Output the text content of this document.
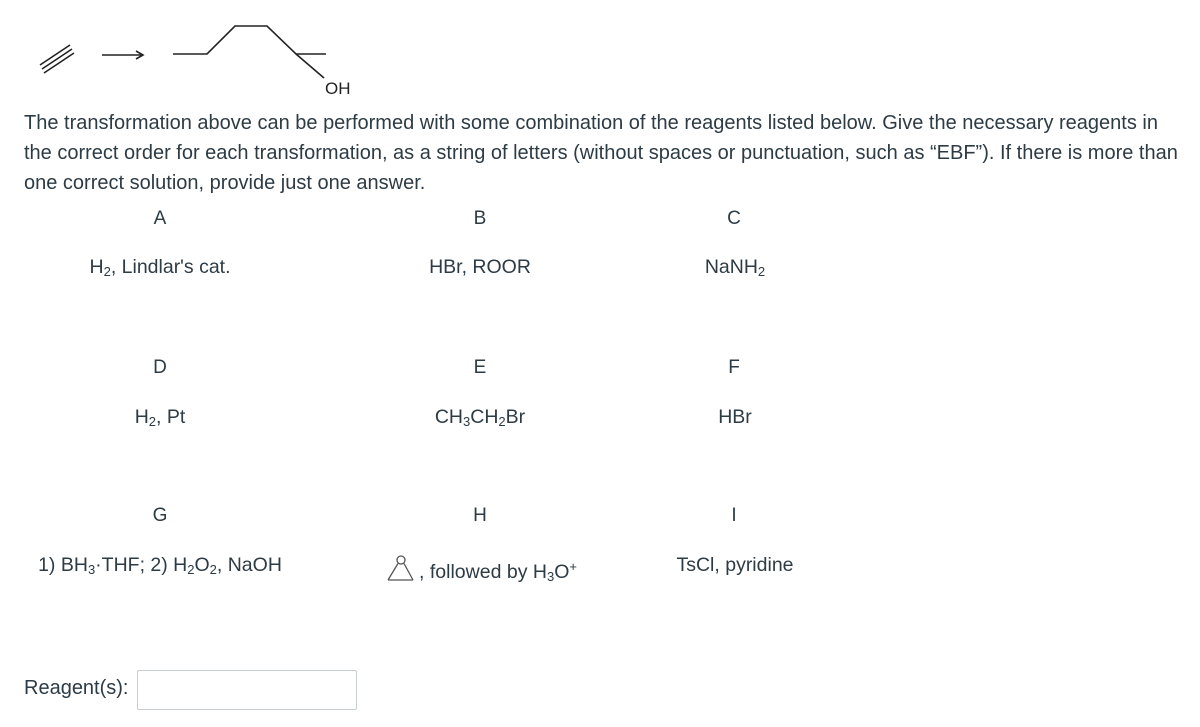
OH
The transformation above can be performed with some combination of the reagents listed below. Give the necessary reagents in the correct order for each transformation, as a string of letters (without spaces or punctuation, such as “EBF”). If there is more than one correct solution, provide just one answer.
A	B	C
$H_2$, Lindlar's cat.	HBr, ROOR	NaNH$_2$
D	E	F
$H_2$, Pt	$CH_3CH_2Br$	HBr
G	H	I
1) $BH_3\cdot THF$; 2) $H_2O_2$, NaOH	, followed by $H_3O^+$	TsCl, pyridine
Reagent(s):
